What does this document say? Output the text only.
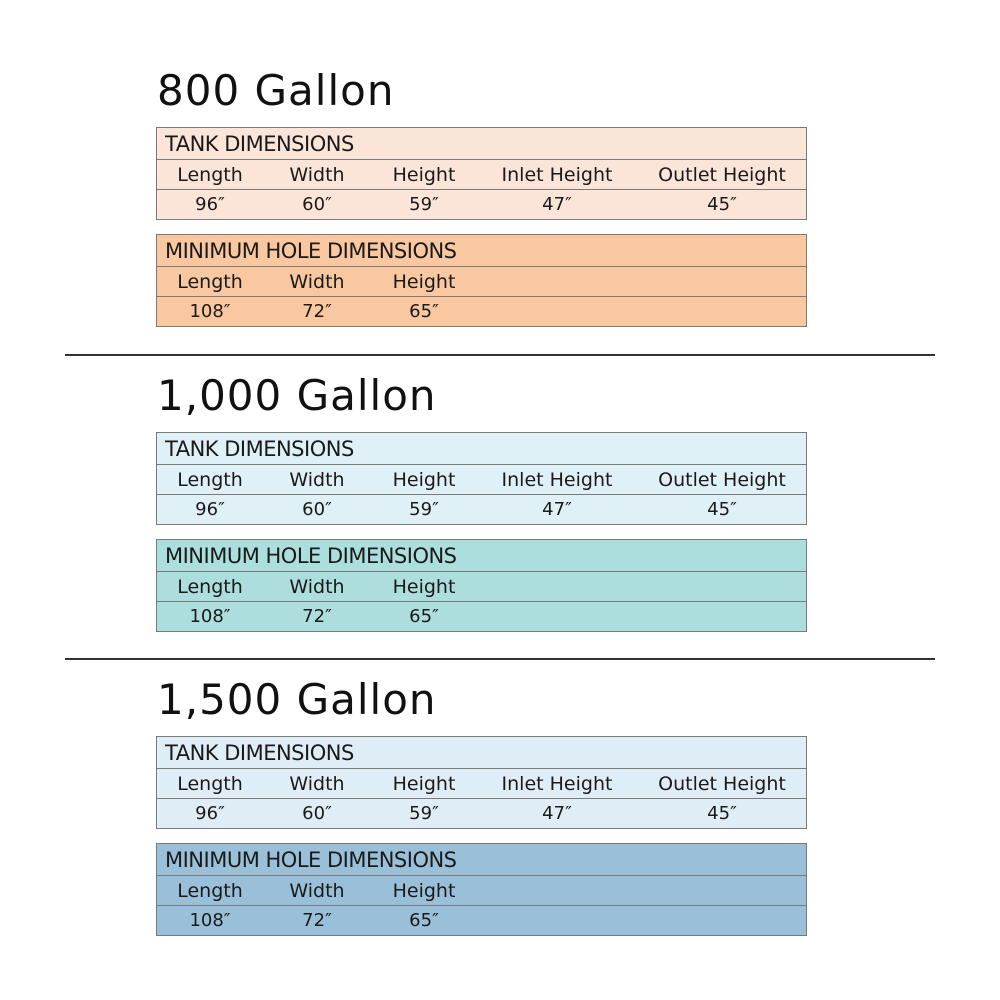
800 Gallon
TANK DIMENSIONS
Length	Width	Height	Inlet Height	Outlet Height
96″	60″	59″	47″	45″
MINIMUM HOLE DIMENSIONS
Length	Width	Height
108″	72″	65″
1,000 Gallon
TANK DIMENSIONS
Length	Width	Height	Inlet Height	Outlet Height
96″	60″	59″	47″	45″
MINIMUM HOLE DIMENSIONS
Length	Width	Height
108″	72″	65″
1,500 Gallon
TANK DIMENSIONS
Length	Width	Height	Inlet Height	Outlet Height
96″	60″	59″	47″	45″
MINIMUM HOLE DIMENSIONS
Length	Width	Height
108″	72″	65″
